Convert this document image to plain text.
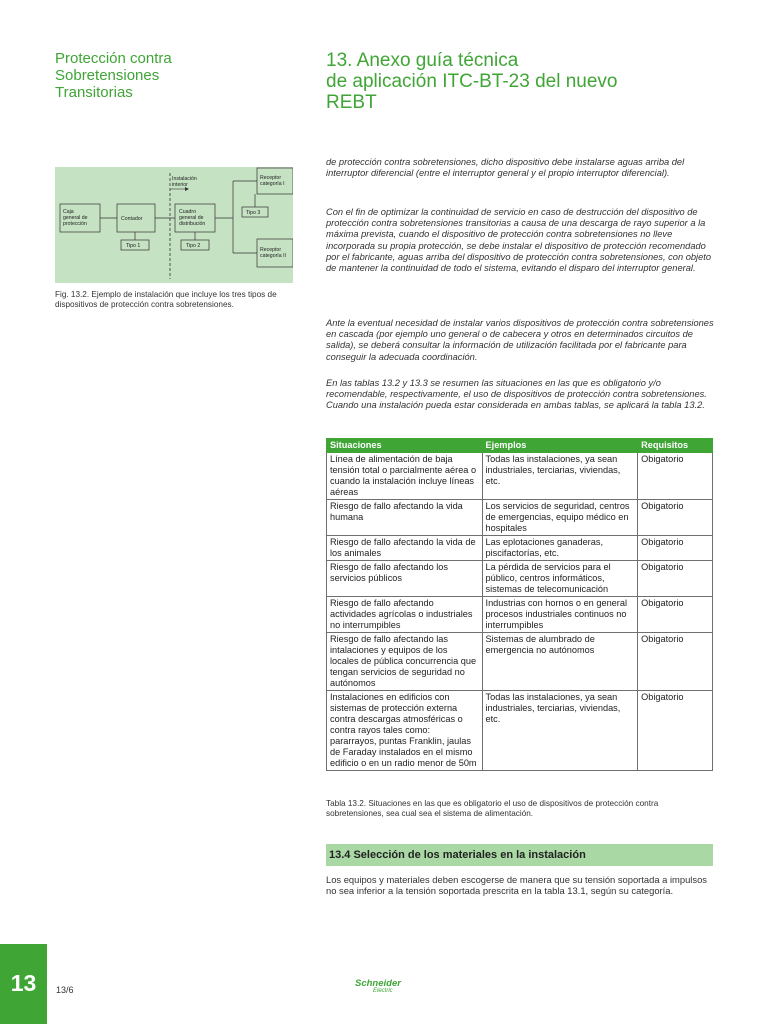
Protección contra
Sobretensiones
Transitorias
13. Anexo guía técnica
de aplicación ITC-BT-23 del nuevo
REBT
Instalación
interior
Caja
general de
protección
Contador
Cuadro
general de
distribución
Tipo 1	Tipo 2
Tipo 3
Receptor
categoría I
Receptor
categoría II
Fig. 13.2. Ejemplo de instalación que incluye los tres tipos de dispositivos de protección contra sobretensiones.
de protección contra sobretensiones, dicho dispositivo debe instalarse aguas arriba del interruptor diferencial (entre el interruptor general y el propio interruptor diferencial).
Con el fin de optimizar la continuidad de servicio en caso de destrucción del dispositivo de protección contra sobretensiones transitorias a causa de una descarga de rayo superior a la máxima prevista, cuando el dispositivo de protección contra sobretensiones no lleve incorporada su propia protección, se debe instalar el dispositivo de protección recomendado por el fabricante, aguas arriba del dispositivo de protección contra sobretensiones, con objeto de mantener la continuidad de todo el sistema, evitando el disparo del interruptor general.
Ante la eventual necesidad de instalar varios dispositivos de protección contra sobretensiones en cascada (por ejemplo uno general o de cabecera y otros en determinados circuitos de salida), se deberá consultar la información de utilización facilitada por el fabricante para conseguir la adecuada coordinación.
En las tablas 13.2 y 13.3 se resumen las situaciones en las que es obligatorio y/o recomendable, respectivamente, el uso de dispositivos de protección contra sobretensiones. Cuando una instalación pueda estar considerada en ambas tablas, se aplicará la tabla 13.2.
Situaciones	Ejemplos	Requisitos
Línea de alimentación de baja tensión total o parcialmente aérea o cuando la instalación incluye líneas aéreas	Todas las instalaciones, ya sean industriales, terciarias, viviendas, etc.	Obigatorio
Riesgo de fallo afectando la vida humana	Los servicios de seguridad, centros de emergencias, equipo médico en hospitales	Obigatorio
Riesgo de fallo afectando la vida de los animales	Las eplotaciones ganaderas, piscifactorías, etc.	Obigatorio
Riesgo de fallo afectando los servicios públicos	La pérdida de servicios para el público, centros informáticos, sistemas de telecomunicación	Obigatorio
Riesgo de fallo afectando actividades agrícolas o industriales no interrumpibles	Industrias con hornos o en general procesos industriales continuos no interrumpibles	Obigatorio
Riesgo de fallo afectando las intalaciones y equipos de los locales de pública concurrencia que tengan servicios de seguridad no autónomos	Sistemas de alumbrado de emergencia no autónomos	Obigatorio
Instalaciones en edificios con sistemas de protección externa contra descargas atmosféricas o contra rayos tales como: pararrayos, puntas Franklin, jaulas de Faraday instalados en el mismo edificio o en un radio menor de 50m	Todas las instalaciones, ya sean industriales, terciarias, viviendas, etc.	Obigatorio
Tabla 13.2. Situaciones en las que es obligatorio el uso de dispositivos de protección contra sobretensiones, sea cual sea el sistema de alimentación.
13.4 Selección de los materiales en la instalación
Los equipos y materiales deben escogerse de manera que su tensión soportada a impulsos no sea inferior a la tensión soportada prescrita en la tabla 13.1, según su categoría.
13	13/6
Schneider
Electric
